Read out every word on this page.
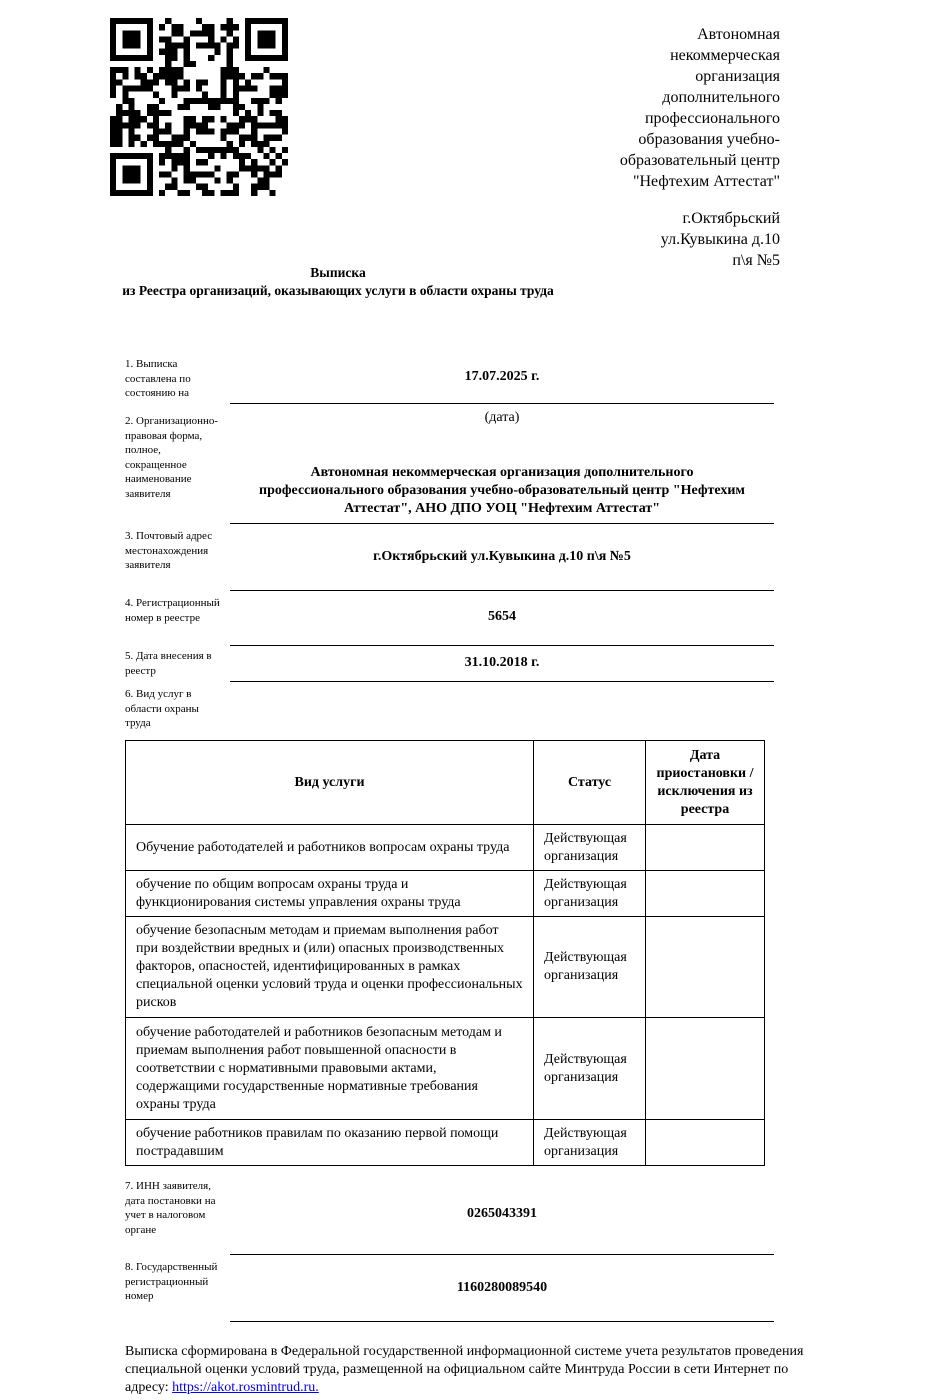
Автономная некоммерческая организация дополнительного профессионального образования учебно-образовательный центр "Нефтехим Аттестат"
г.Октябрьский
ул.Кувыкина д.10
п\я №5
Выписка
из Реестра организаций, оказывающих услуги в области охраны труда
1. Выписка составлена по состоянию на
17.07.2025 г.
(дата)
2. Организационно-правовая форма, полное, сокращенное наименование заявителя
Автономная некоммерческая организация дополнительного профессионального образования учебно-образовательный центр "Нефтехим Аттестат", АНО ДПО УОЦ "Нефтехим Аттестат"
3. Почтовый адрес местонахождения заявителя
г.Октябрьский ул.Кувыкина д.10 п\я №5
4. Регистрационный номер в реестре	5654
5. Дата внесения в реестр
31.10.2018 г.
6. Вид услуг в области охраны труда
Вид услуги	Статус	Дата приостановки / исключения из реестра
Обучение работодателей и работников вопросам охраны труда	Действующая организация	
обучение по общим вопросам охраны труда и функционирования системы управления охраны труда	Действующая организация	
обучение безопасным методам и приемам выполнения работ при воздействии вредных и (или) опасных производственных факторов, опасностей, идентифицированных в рамках специальной оценки условий труда и оценки профессиональных рисков	Действующая организация	
обучение работодателей и работников безопасным методам и приемам выполнения работ повышенной опасности в соответствии с нормативными правовыми актами, содержащими государственные нормативные требования охраны труда	Действующая организация	
обучение работников правилам по оказанию первой помощи пострадавшим	Действующая организация	
7. ИНН заявителя, дата постановки на учет в налоговом органе
0265043391
8. Государственный регистрационный номер
1160280089540
Выписка сформирована в Федеральной государственной информационной системе учета результатов проведения специальной оценки условий труда, размещенной на официальном сайте Минтруда России в сети Интернет по адресу: https://akot.rosmintrud.ru.
